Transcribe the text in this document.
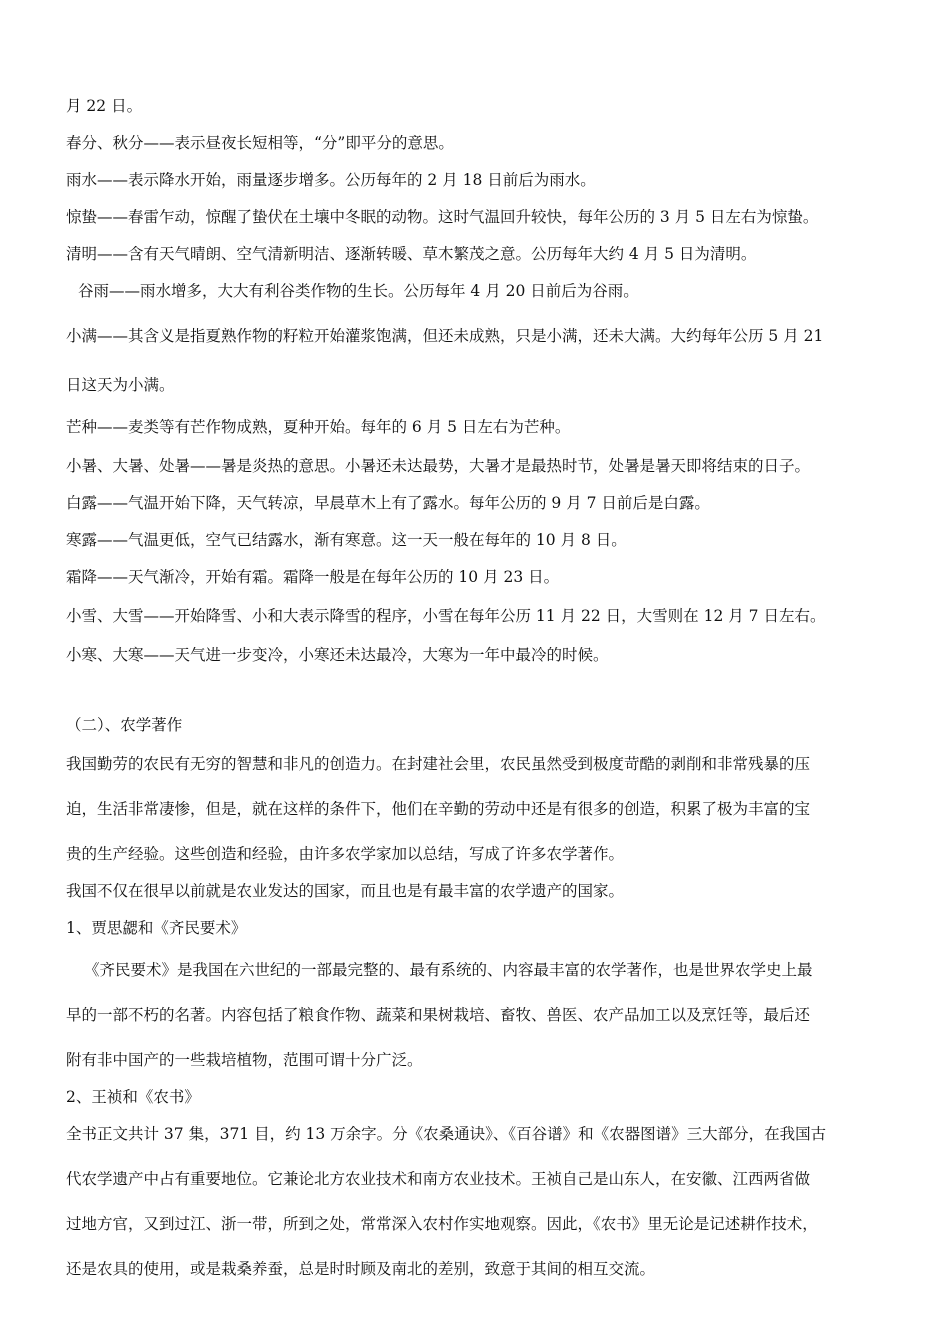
月 22 日。
春分、秋分——表示昼夜长短相等，“分”即平分的意思。
雨水——表示降水开始，雨量逐步增多。公历每年的 2 月 18 日前后为雨水。
惊蛰——春雷乍动，惊醒了蛰伏在土壤中冬眠的动物。这时气温回升较快，每年公历的 3 月 5 日左右为惊蛰。
清明——含有天气晴朗、空气清新明洁、逐渐转暖、草木繁茂之意。公历每年大约 4 月 5 日为清明。
谷雨——雨水增多，大大有利谷类作物的生长。公历每年 4 月 20 日前后为谷雨。
小满——其含义是指夏熟作物的籽粒开始灌浆饱满，但还未成熟，只是小满，还未大满。大约每年公历 5 月 21
日这天为小满。
芒种——麦类等有芒作物成熟，夏种开始。每年的 6 月 5 日左右为芒种。
小暑、大暑、处暑——暑是炎热的意思。小暑还未达最势，大暑才是最热时节，处暑是暑天即将结束的日子。
白露——气温开始下降，天气转凉，早晨草木上有了露水。每年公历的 9 月 7 日前后是白露。
寒露——气温更低，空气已结露水，渐有寒意。这一天一般在每年的 10 月 8 日。
霜降——天气渐冷，开始有霜。霜降一般是在每年公历的 10 月 23 日。
小雪、大雪——开始降雪、小和大表示降雪的程序，小雪在每年公历 11 月 22 日，大雪则在 12 月 7 日左右。
小寒、大寒——天气进一步变冷，小寒还未达最冷，大寒为一年中最冷的时候。
（二）、农学著作
我国勤劳的农民有无穷的智慧和非凡的创造力。在封建社会里，农民虽然受到极度苛酷的剥削和非常残暴的压
迫，生活非常凄惨，但是，就在这样的条件下，他们在辛勤的劳动中还是有很多的创造，积累了极为丰富的宝
贵的生产经验。这些创造和经验，由许多农学家加以总结，写成了许多农学著作。
我国不仅在很早以前就是农业发达的国家，而且也是有最丰富的农学遗产的国家。
1、贾思勰和《齐民要术》
《齐民要术》是我国在六世纪的一部最完整的、最有系统的、内容最丰富的农学著作，也是世界农学史上最
早的一部不朽的名著。内容包括了粮食作物、蔬菜和果树栽培、畜牧、兽医、农产品加工以及烹饪等，最后还
附有非中国产的一些栽培植物，范围可谓十分广泛。
2、王祯和《农书》
全书正文共计 37 集，371 目，约 13 万余字。分《农桑通诀》、《百谷谱》和《农器图谱》三大部分，在我国古
代农学遗产中占有重要地位。它兼论北方农业技术和南方农业技术。王祯自己是山东人，在安徽、江西两省做
过地方官，又到过江、浙一带，所到之处，常常深入农村作实地观察。因此，《农书》里无论是记述耕作技术，
还是农具的使用，或是栽桑养蚕，总是时时顾及南北的差别，致意于其间的相互交流。
